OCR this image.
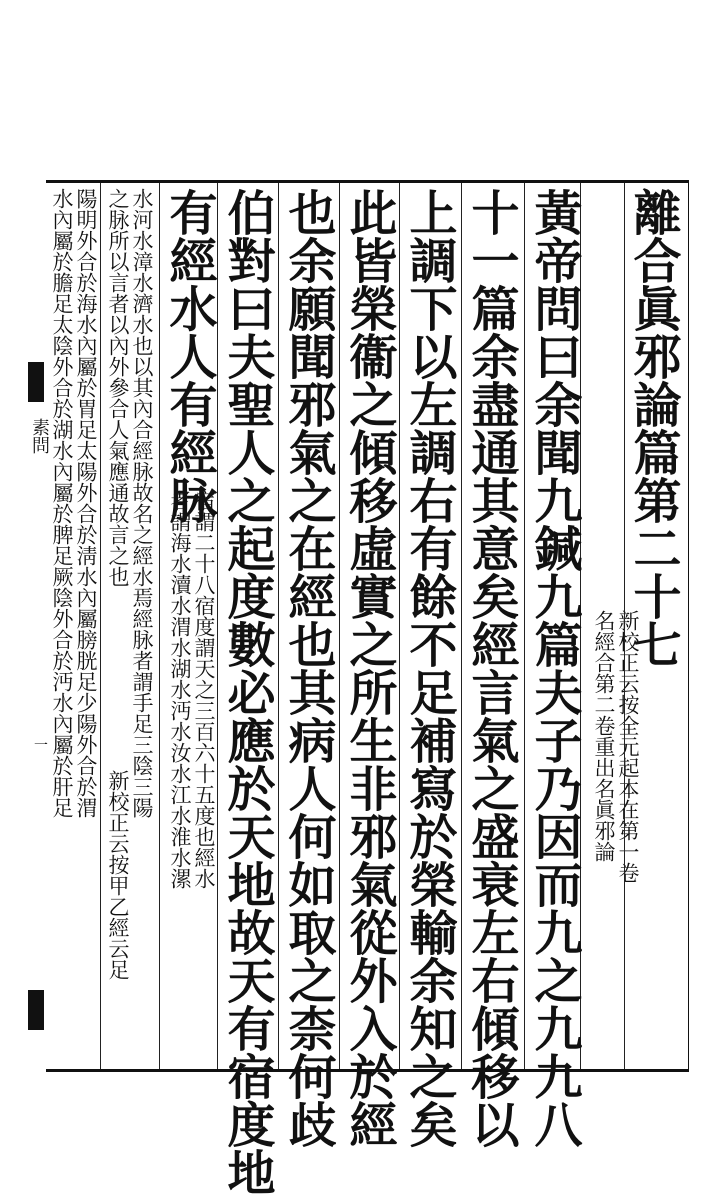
素問
一
離合眞邪論篇第二十七
新校正云按全元起本在第一卷
名經合第二卷重出名眞邪論
黃帝問曰余聞九鍼九篇夫子乃因而九之九九八
十一篇余盡通其意矣經言氣之盛衰左右傾移以
上調下以左調右有餘不足補寫於榮輸余知之矣
此皆榮衞之傾移虛實之所生非邪氣從外入於經
也余願聞邪氣之在經也其病人何如取之柰何歧
伯對曰夫聖人之起度數必應於天地故天有宿度地
有經水人有經脉
宿謂二十八宿度謂天之三百六十五度也經水
者謂海水瀆水渭水湖水沔水汝水江水淮水漯
水河水漳水濟水也以其內合經脉故名之經水焉經脉者謂手足三陰三陽
之脉所以言者以內外參合人氣應通故言之也
新校正云按甲乙經云足
陽明外合於海水內屬於胃足太陽外合於淸水內屬膀胱足少陽外合於渭
水內屬於膽足太陰外合於湖水內屬於脾足厥陰外合於沔水內屬於肝足
